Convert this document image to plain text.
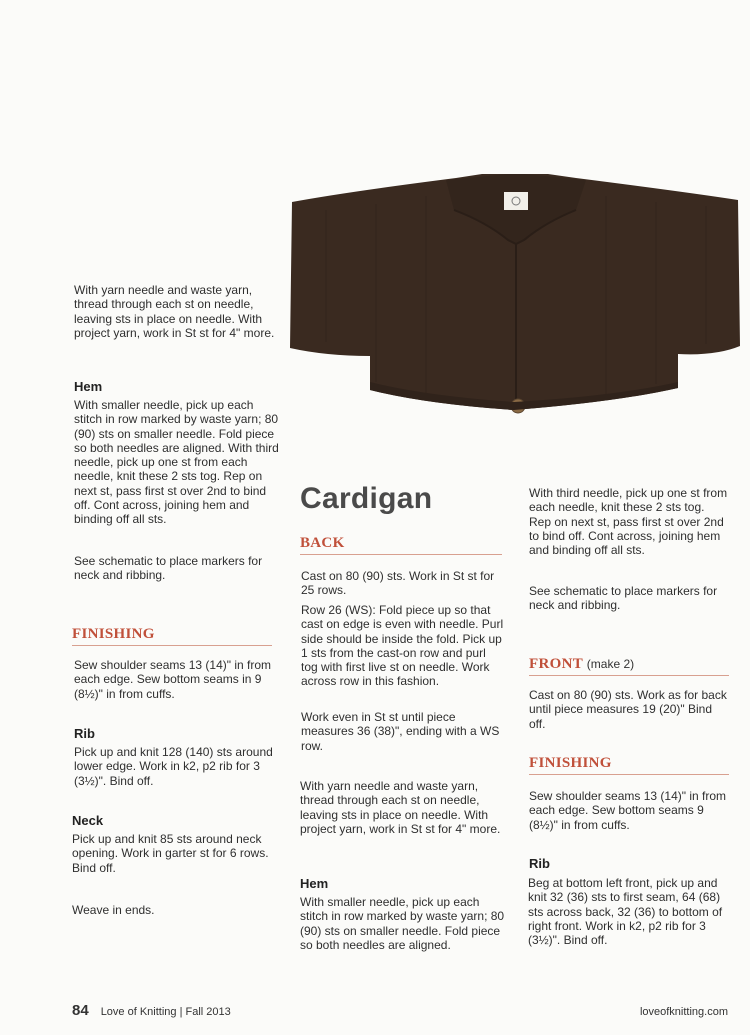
With yarn needle and waste yarn, thread through each st on needle, leaving sts in place on needle. With project yarn, work in St st for 4" more.

Hem

With smaller needle, pick up each stitch in row marked by waste yarn; 80 (90) sts on smaller needle. Fold piece so both needles are aligned. With third needle, pick up one st from each needle, knit these 2 sts tog. Rep on next st, pass first st over 2nd to bind off. Cont across, joining hem and binding off all sts.

See schematic to place markers for neck and ribbing.

FINISHING

Sew shoulder seams 13 (14)" in from each edge. Sew bottom seams in 9 (8½)" in from cuffs.

Rib

Pick up and knit 128 (140) sts around lower edge. Work in k2, p2 rib for 3 (3½)". Bind off.

Neck

Pick up and knit 85 sts around neck opening. Work in garter st for 6 rows. Bind off.

Weave in ends.

Cardigan
BACK

Cast on 80 (90) sts. Work in St st for 25 rows.

Row 26 (WS): Fold piece up so that cast on edge is even with needle. Purl side should be inside the fold. Pick up 1 sts from the cast-on row and purl tog with first live st on needle. Work across row in this fashion.

Work even in St st until piece measures 36 (38)", ending with a WS row.

With yarn needle and waste yarn, thread through each st on needle, leaving sts in place on needle. With project yarn, work in St st for 4" more.

Hem

With smaller needle, pick up each stitch in row marked by waste yarn; 80 (90) sts on smaller needle. Fold piece so both needles are aligned.

With third needle, pick up one st from each needle, knit these 2 sts tog. Rep on next st, pass first st over 2nd to bind off. Cont across, joining hem and binding off all sts.

See schematic to place markers for neck and ribbing.

FRONT (make 2)

Cast on 80 (90) sts. Work as for back until piece measures 19 (20)" Bind off.

FINISHING

Sew shoulder seams 13 (14)" in from each edge. Sew bottom seams 9 (8½)" in from cuffs.

Rib

Beg at bottom left front, pick up and knit 32 (36) sts to first seam, 64 (68) sts across back, 32 (36) to bottom of right front. Work in k2, p2 rib for 3 (3½)". Bind off.

84 Love of Knitting | Fall 2013	loveofknitting.com
